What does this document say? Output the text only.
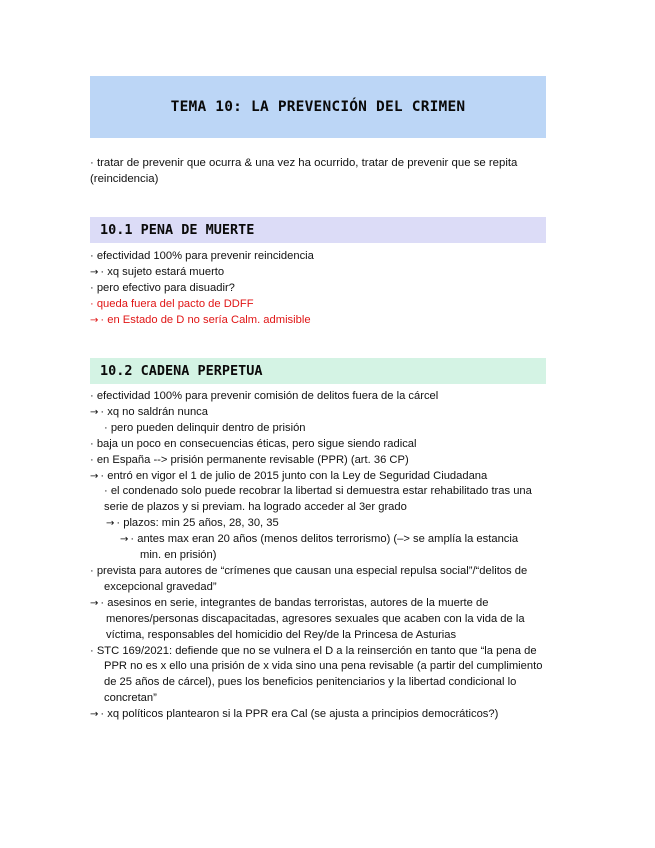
TEMA 10: LA PREVENCIÓN DEL CRIMEN
· tratar de prevenir que ocurra & una vez ha ocurrido, tratar de prevenir que se repita (reincidencia)
10.1 PENA DE MUERTE
· efectividad 100% para prevenir reincidencia
→ · xq sujeto estará muerto
· pero efectivo para disuadir?
· queda fuera del pacto de DDFF
→ · en Estado de D no sería Calm. admisible
10.2 CADENA PERPETUA
· efectividad 100% para prevenir comisión de delitos fuera de la cárcel
→ · xq no saldrán nunca
· pero pueden delinquir dentro de prisión
· baja un poco en consecuencias éticas, pero sigue siendo radical
· en España --> prisión permanente revisable (PPR) (art. 36 CP)
→ · entró en vigor el 1 de julio de 2015 junto con la Ley de Seguridad Ciudadana
· el condenado solo puede recobrar la libertad si demuestra estar rehabilitado tras una
serie de plazos y si previam. ha logrado acceder al 3er grado
→ · plazos: min 25 años, 28, 30, 35
→ · antes max eran 20 años (menos delitos terrorismo) (–> se amplía la estancia
min. en prisión)
· prevista para autores de “crímenes que causan una especial repulsa social”/“delitos de
excepcional gravedad”
→ · asesinos en serie, integrantes de bandas terroristas, autores de la muerte de
menores/personas discapacitadas, agresores sexuales que acaben con la vida de la
víctima, responsables del homicidio del Rey/de la Princesa de Asturias
· STC 169/2021: defiende que no se vulnera el D a la reinserción en tanto que “la pena de
PPR no es x ello una prisión de x vida sino una pena revisable (a partir del cumplimiento
de 25 años de cárcel), pues los beneficios penitenciarios y la libertad condicional lo
concretan”
→ · xq políticos plantearon si la PPR era Cal (se ajusta a principios democráticos?)
